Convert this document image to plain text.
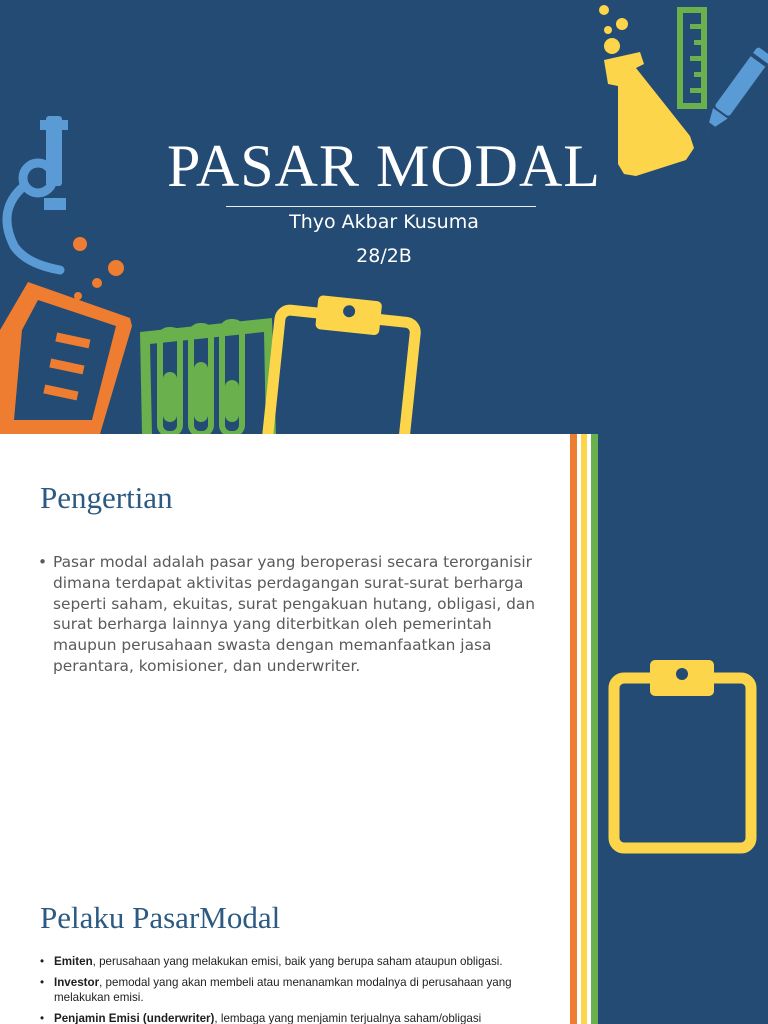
PASAR MODAL
Thyo Akbar Kusuma
28/2B
Pengertian

• Pasar modal adalah pasar yang beroperasi secara terorganisir dimana terdapat aktivitas perdagangan surat-surat berharga seperti saham, ekuitas, surat pengakuan hutang, obligasi, dan surat berharga lainnya yang diterbitkan oleh pemerintah maupun perusahaan swasta dengan memanfaatkan jasa perantara, komisioner, dan underwriter.

Pelaku PasarModal
• Emiten, perusahaan yang melakukan emisi, baik yang berupa saham ataupun obligasi.
• Investor, pemodal yang akan membeli atau menanamkan modalnya di perusahaan yang melakukan emisi.
• Penjamin Emisi (underwriter), lembaga yang menjamin terjualnya saham/obligasi
